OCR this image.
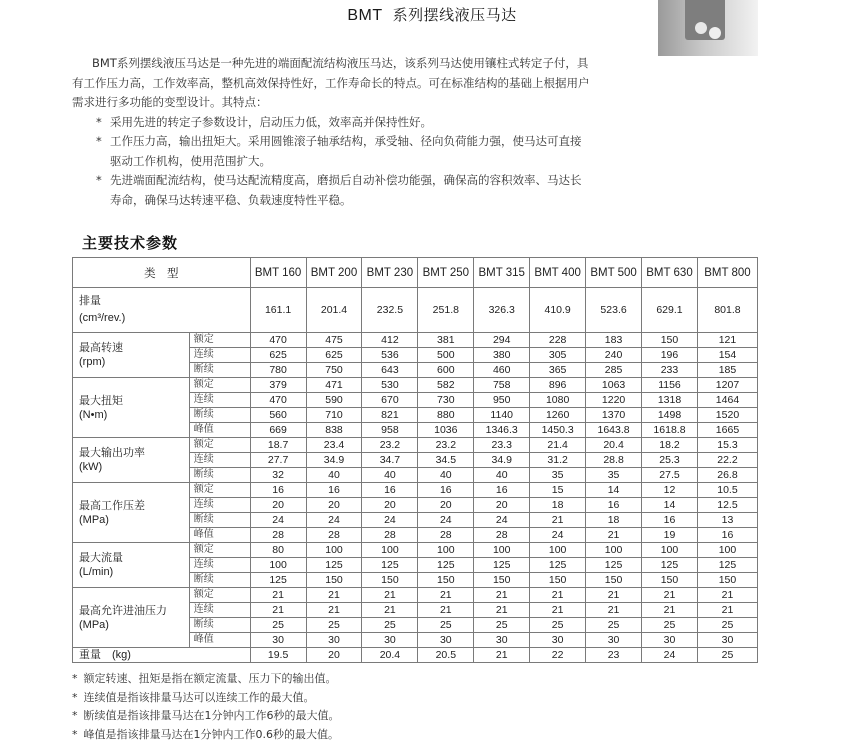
BMT 系列摆线液压马达

BMT系列摆线液压马达是一种先进的端面配流结构液压马达，该系列马达使用镶柱式转定子付，具有工作压力高，工作效率高，整机高效保持性好，工作寿命长的特点。可在标准结构的基础上根据用户需求进行多功能的变型设计。其特点：

* 采用先进的转定子参数设计，启动压力低，效率高并保持性好。
* 工作压力高，输出扭矩大。采用圆锥滚子轴承结构，承受轴、径向负荷能力强，使马达可直接驱动工作机构，使用范围扩大。
* 先进端面配流结构，使马达配流精度高，磨损后自动补偿功能强，确保高的容积效率、马达长寿命，确保马达转速平稳、负载速度特性平稳。
主要技术参数
类　型		BMT 160	BMT 200	BMT 230	BMT 250	BMT 315	BMT 400	BMT 500	BMT 630	BMT 800

排量
(cm³/rev.)		161.1	201.4	232.5	251.8	326.3	410.9	523.6	629.1	801.8

最高转速
(rpm)	额定	470	475	412	381	294	228	183	150	121
	连续	625	625	536	500	380	305	240	196	154
	断续	780	750	643	600	460	365	285	233	185

最大扭矩
(N•m)	额定	379	471	530	582	758	896	1063	1156	1207
	连续	470	590	670	730	950	1080	1220	1318	1464
	断续	560	710	821	880	1140	1260	1370	1498	1520
	峰值	669	838	958	1036	1346.3	1450.3	1643.8	1618.8	1665

最大输出功率
(kW)	额定	18.7	23.4	23.2	23.2	23.3	21.4	20.4	18.2	15.3
	连续	27.7	34.9	34.7	34.5	34.9	31.2	28.8	25.3	22.2
	断续	32	40	40	40	40	35	35	27.5	26.8

最高工作压差
(MPa)	额定	16	16	16	16	16	15	14	12	10.5
	连续	20	20	20	20	20	18	16	14	12.5
	断续	24	24	24	24	24	21	18	16	13
	峰值	28	28	28	28	28	24	21	19	16

最大流量
(L/min)	额定	80	100	100	100	100	100	100	100	100
	连续	100	125	125	125	125	125	125	125	125
	断续	125	150	150	150	150	150	150	150	150

最高允许进油压力
(MPa)	额定	21	21	21	21	21	21	21	21	21
	连续	21	21	21	21	21	21	21	21	21
	断续	25	25	25	25	25	25	25	25	25
	峰值	30	30	30	30	30	30	30	30	30
重量　(kg)		19.5	20	20.4	20.5	21	22	23	24	25
* 额定转速、扭矩是指在额定流量、压力下的输出值。
* 连续值是指该排量马达可以连续工作的最大值。
* 断续值是指该排量马达在1分钟内工作6秒的最大值。
* 峰值是指该排量马达在1分钟内工作0.6秒的最大值。
